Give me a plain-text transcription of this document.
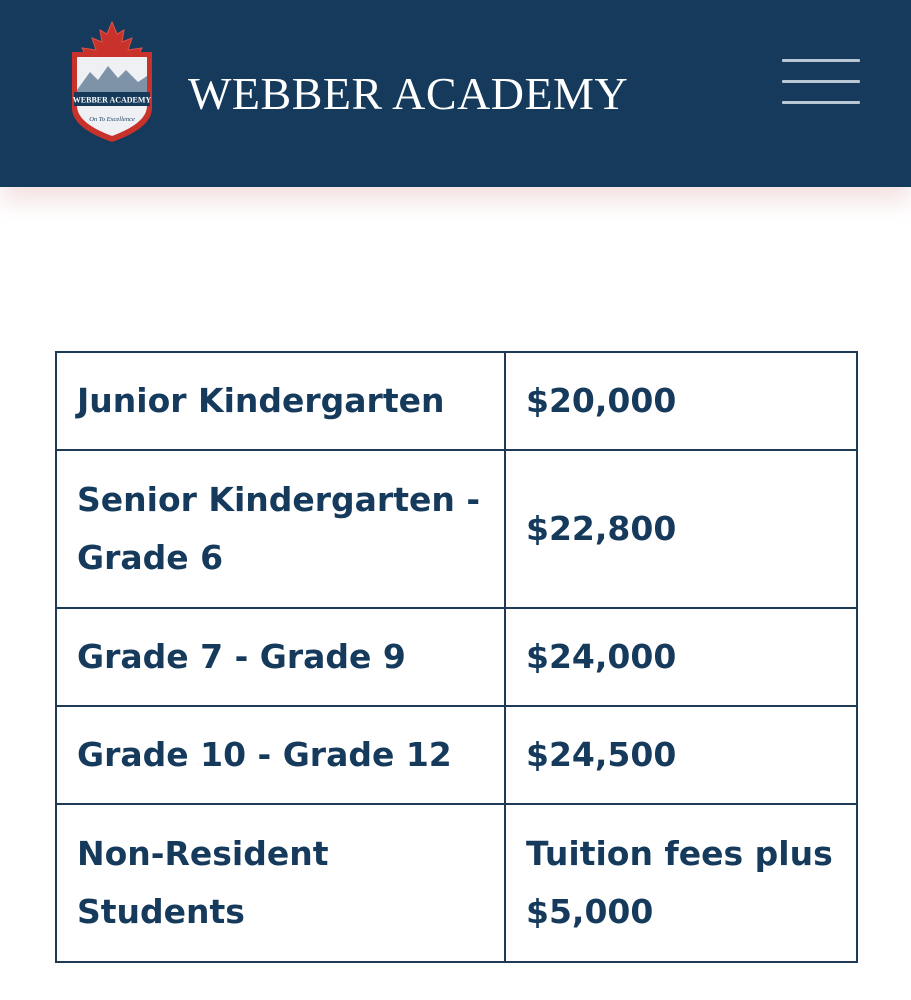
WEBBER ACADEMY
On To Excellence
WEBBER ACADEMY
Junior Kindergarten	$20,000
Senior Kindergarten - Grade 6	$22,800
Grade 7 - Grade 9	$24,000
Grade 10 - Grade 12	$24,500
Non-Resident Students	Tuition fees plus $5,000
